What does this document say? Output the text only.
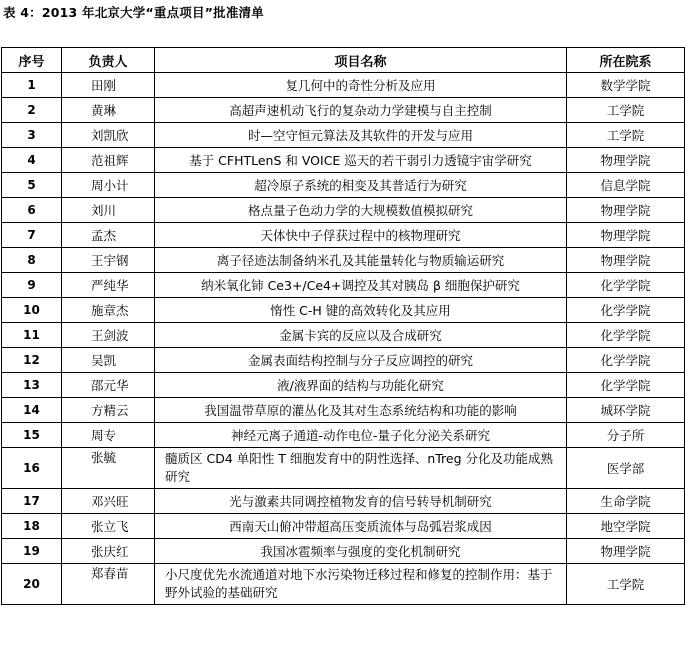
表 4：2013 年北京大学“重点项目”批准清单
序号	负责人	项目名称	所在院系
1	田刚	复几何中的奇性分析及应用	数学学院
2	黄琳	高超声速机动飞行的复杂动力学建模与自主控制	工学院
3	刘凯欣	时—空守恒元算法及其软件的开发与应用	工学院
4	范祖辉	基于 CFHTLenS 和 VOICE 巡天的若干弱引力透镜宇宙学研究	物理学院
5	周小计	超冷原子系统的相变及其普适行为研究	信息学院
6	刘川	格点量子色动力学的大规模数值模拟研究	物理学院
7	孟杰	天体快中子俘获过程中的核物理研究	物理学院
8	王宇钢	离子径迹法制备纳米孔及其能量转化与物质输运研究	物理学院
9	严纯华	纳米氧化铈 Ce3+/Ce4+调控及其对胰岛 β 细胞保护研究	化学学院
10	施章杰	惰性 C-H 键的高效转化及其应用	化学学院
11	王剑波	金属卡宾的反应以及合成研究	化学学院
12	吴凯	金属表面结构控制与分子反应调控的研究	化学学院
13	邵元华	液/液界面的结构与功能化研究	化学学院
14	方精云	我国温带草原的灌丛化及其对生态系统结构和功能的影响	城环学院
15	周专	神经元离子通道-动作电位-量子化分泌关系研究	分子所
16	张毓	髓质区 CD4 单阳性 T 细胞发育中的阴性选择、nTreg 分化及功能成熟研究	医学部
17	邓兴旺	光与激素共同调控植物发育的信号转导机制研究	生命学院
18	张立飞	西南天山俯冲带超高压变质流体与岛弧岩浆成因	地空学院
19	张庆红	我国冰雹频率与强度的变化机制研究	物理学院
20	郑春苗	小尺度优先水流通道对地下水污染物迁移过程和修复的控制作用：基于野外试验的基础研究	工学院
